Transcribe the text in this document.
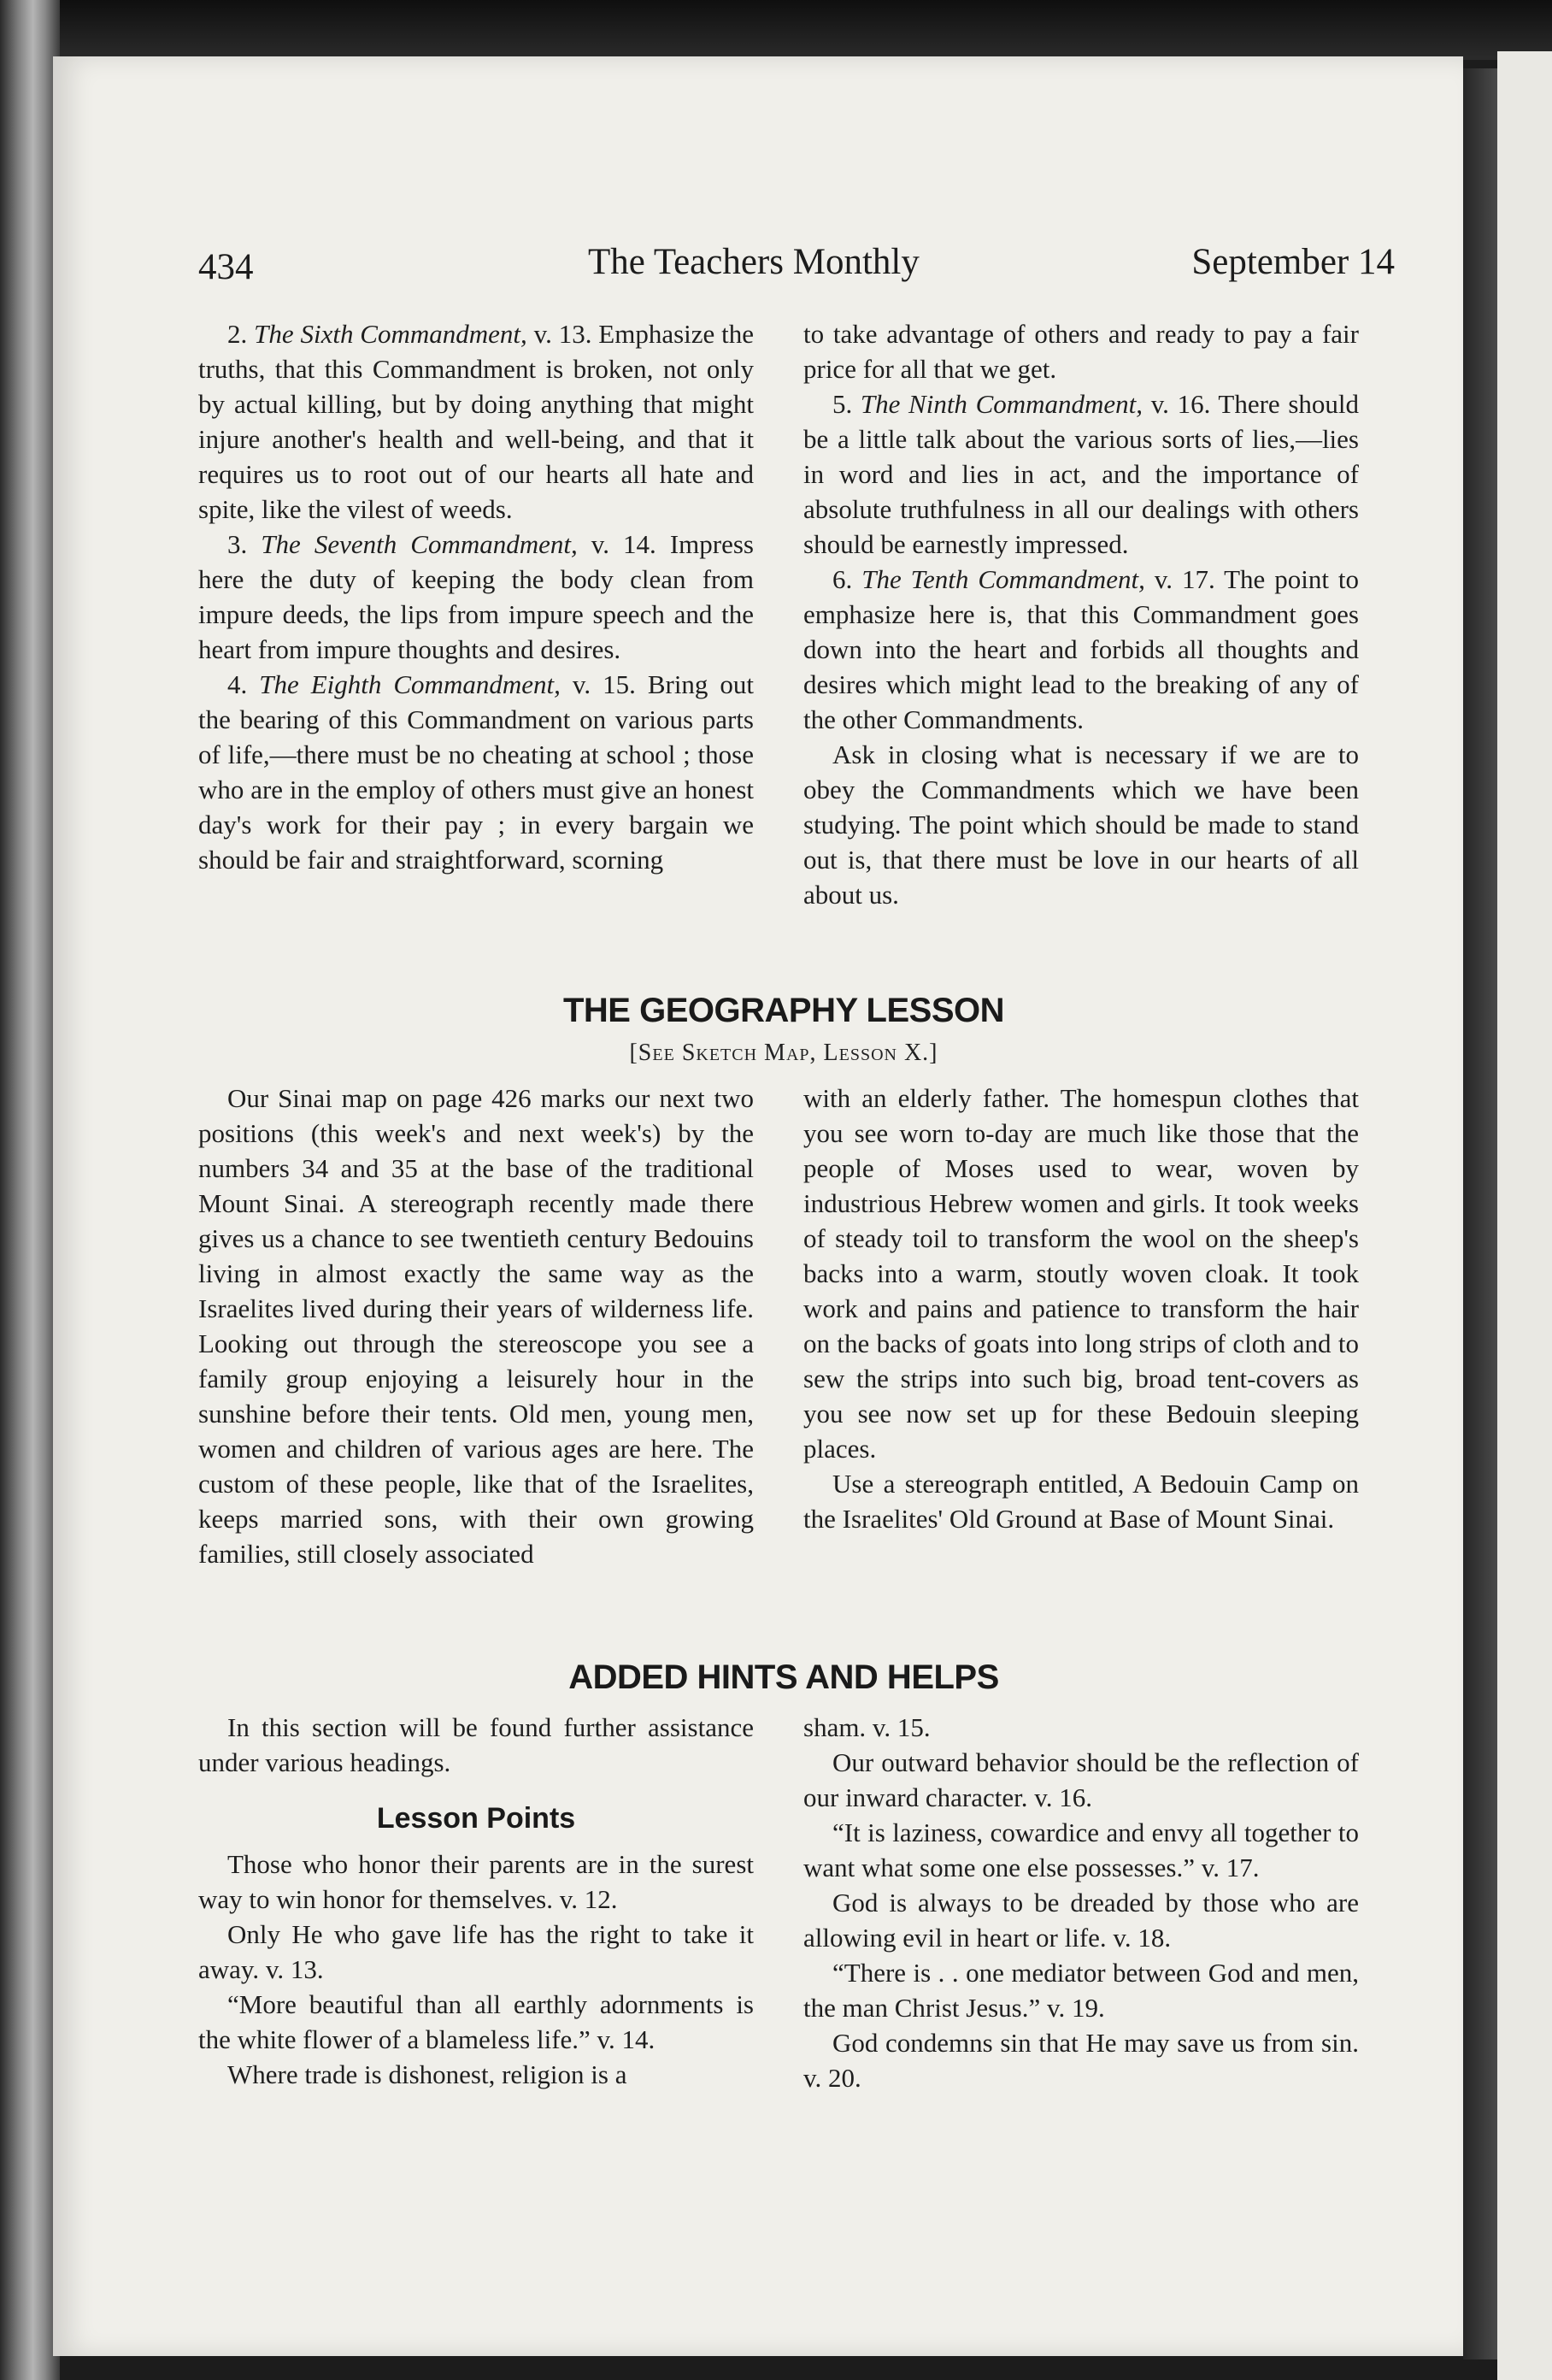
434	The Teachers Monthly	September 14

2. The Sixth Commandment, v. 13. Emphasize the truths, that this Commandment is broken, not only by actual killing, but by doing anything that might injure another's health and well-being, and that it requires us to root out of our hearts all hate and spite, like the vilest of weeds.

3. The Seventh Commandment, v. 14. Impress here the duty of keeping the body clean from impure deeds, the lips from impure speech and the heart from impure thoughts and desires.

4. The Eighth Commandment, v. 15. Bring out the bearing of this Commandment on various parts of life,—there must be no cheating at school ; those who are in the employ of others must give an honest day's work for their pay ; in every bargain we should be fair and straightforward, scorning

to take advantage of others and ready to pay a fair price for all that we get.

5. The Ninth Commandment, v. 16. There should be a little talk about the various sorts of lies,—lies in word and lies in act, and the importance of absolute truthfulness in all our dealings with others should be earnestly impressed.

6. The Tenth Commandment, v. 17. The point to emphasize here is, that this Commandment goes down into the heart and forbids all thoughts and desires which might lead to the breaking of any of the other Commandments.

Ask in closing what is necessary if we are to obey the Commandments which we have been studying. The point which should be made to stand out is, that there must be love in our hearts of all about us.

THE GEOGRAPHY LESSON
[See Sketch Map, Lesson X.]

Our Sinai map on page 426 marks our next two positions (this week's and next week's) by the numbers 34 and 35 at the base of the traditional Mount Sinai. A stereograph recently made there gives us a chance to see twentieth century Bedouins living in almost exactly the same way as the Israelites lived during their years of wilderness life. Looking out through the stereoscope you see a family group enjoying a leisurely hour in the sunshine before their tents. Old men, young men, women and children of various ages are here. The custom of these people, like that of the Israelites, keeps married sons, with their own growing families, still closely associated

with an elderly father. The homespun clothes that you see worn to-day are much like those that the people of Moses used to wear, woven by industrious Hebrew women and girls. It took weeks of steady toil to transform the wool on the sheep's backs into a warm, stoutly woven cloak. It took work and pains and patience to transform the hair on the backs of goats into long strips of cloth and to sew the strips into such big, broad tent-covers as you see now set up for these Bedouin sleeping places.

Use a stereograph entitled, A Bedouin Camp on the Israelites' Old Ground at Base of Mount Sinai.

ADDED HINTS AND HELPS

In this section will be found further assistance under various headings.

Lesson Points

Those who honor their parents are in the surest way to win honor for themselves. v. 12.

Only He who gave life has the right to take it away. v. 13.

“More beautiful than all earthly adornments is the white flower of a blameless life.” v. 14.

Where trade is dishonest, religion is a

sham. v. 15.

Our outward behavior should be the reflection of our inward character. v. 16.

“It is laziness, cowardice and envy all together to want what some one else possesses.” v. 17.

God is always to be dreaded by those who are allowing evil in heart or life. v. 18.

“There is . . one mediator between God and men, the man Christ Jesus.” v. 19.

God condemns sin that He may save us from sin. v. 20.
